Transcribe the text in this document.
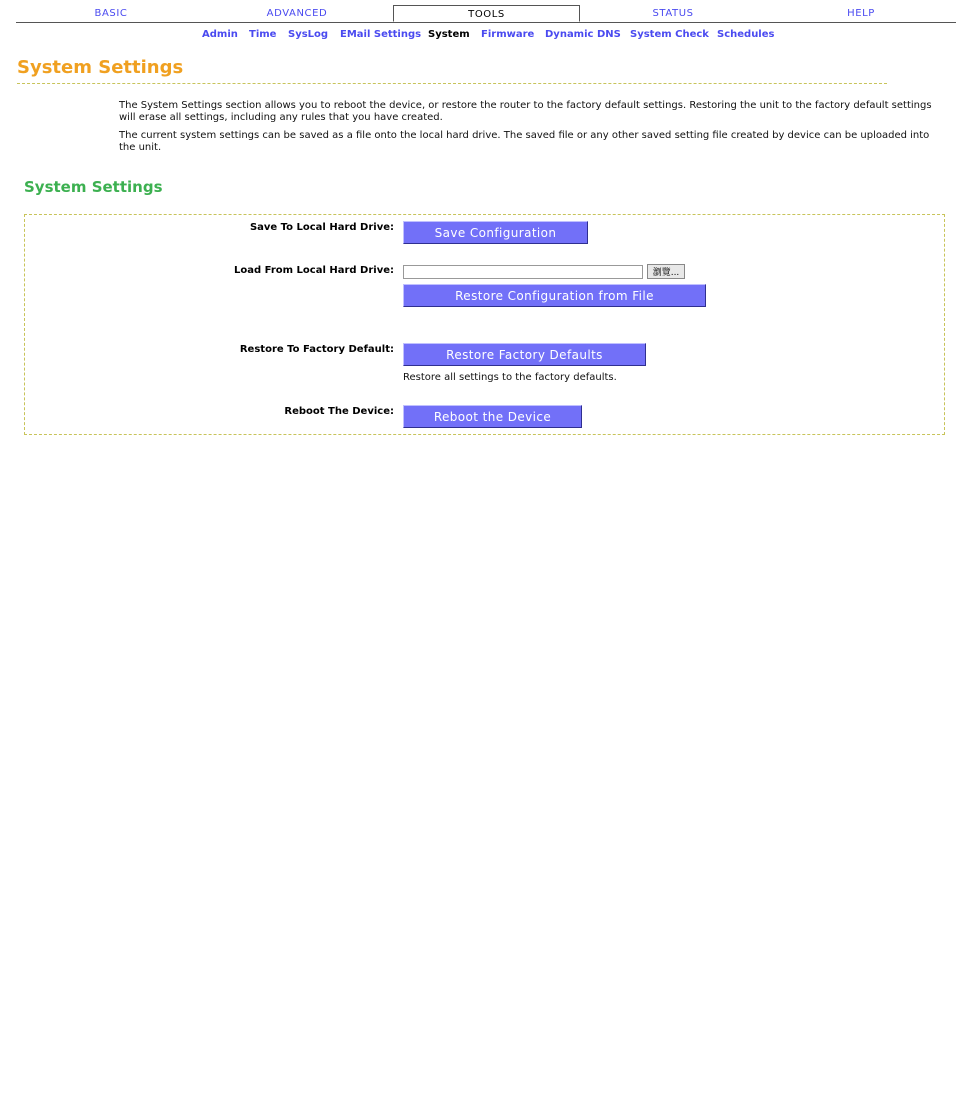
BASIC	ADVANCED	TOOLS	STATUS	HELP
Admin Time SysLog EMail Settings System Firmware Dynamic DNS System Check Schedules
System Settings
The System Settings section allows you to reboot the device, or restore the router to the factory default settings. Restoring the unit to the factory default settings will erase all settings, including any rules that you have created.
The current system settings can be saved as a file onto the local hard drive. The saved file or any other saved setting file created by device can be uploaded into the unit.
System Settings
Save To Local Hard Drive:	Save Configuration
Load From Local Hard Drive:	瀏覽...
Restore Configuration from File
Restore To Factory Default:	Restore Factory Defaults
Restore all settings to the factory defaults.
Reboot The Device:	Reboot the Device
